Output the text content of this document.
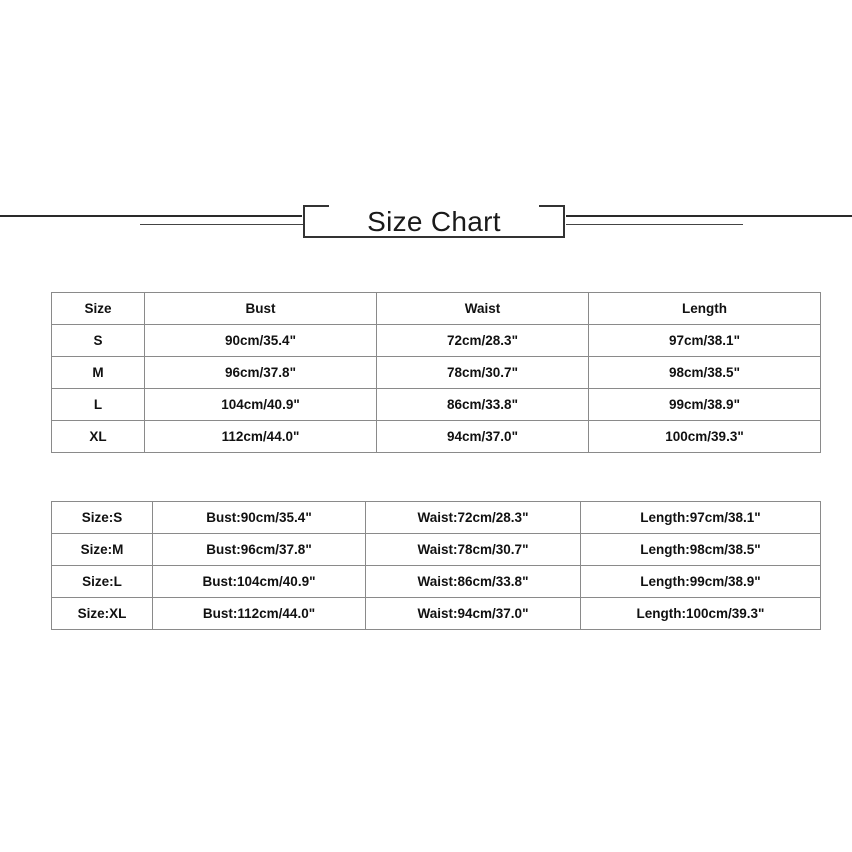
Size Chart
Size	Bust	Waist	Length
S	90cm/35.4"	72cm/28.3"	97cm/38.1"
M	96cm/37.8"	78cm/30.7"	98cm/38.5"
L	104cm/40.9"	86cm/33.8"	99cm/38.9"
XL	112cm/44.0"	94cm/37.0"	100cm/39.3"
Size:S	Bust:90cm/35.4"	Waist:72cm/28.3"	Length:97cm/38.1"
Size:M	Bust:96cm/37.8"	Waist:78cm/30.7"	Length:98cm/38.5"
Size:L	Bust:104cm/40.9"	Waist:86cm/33.8"	Length:99cm/38.9"
Size:XL	Bust:112cm/44.0"	Waist:94cm/37.0"	Length:100cm/39.3"
